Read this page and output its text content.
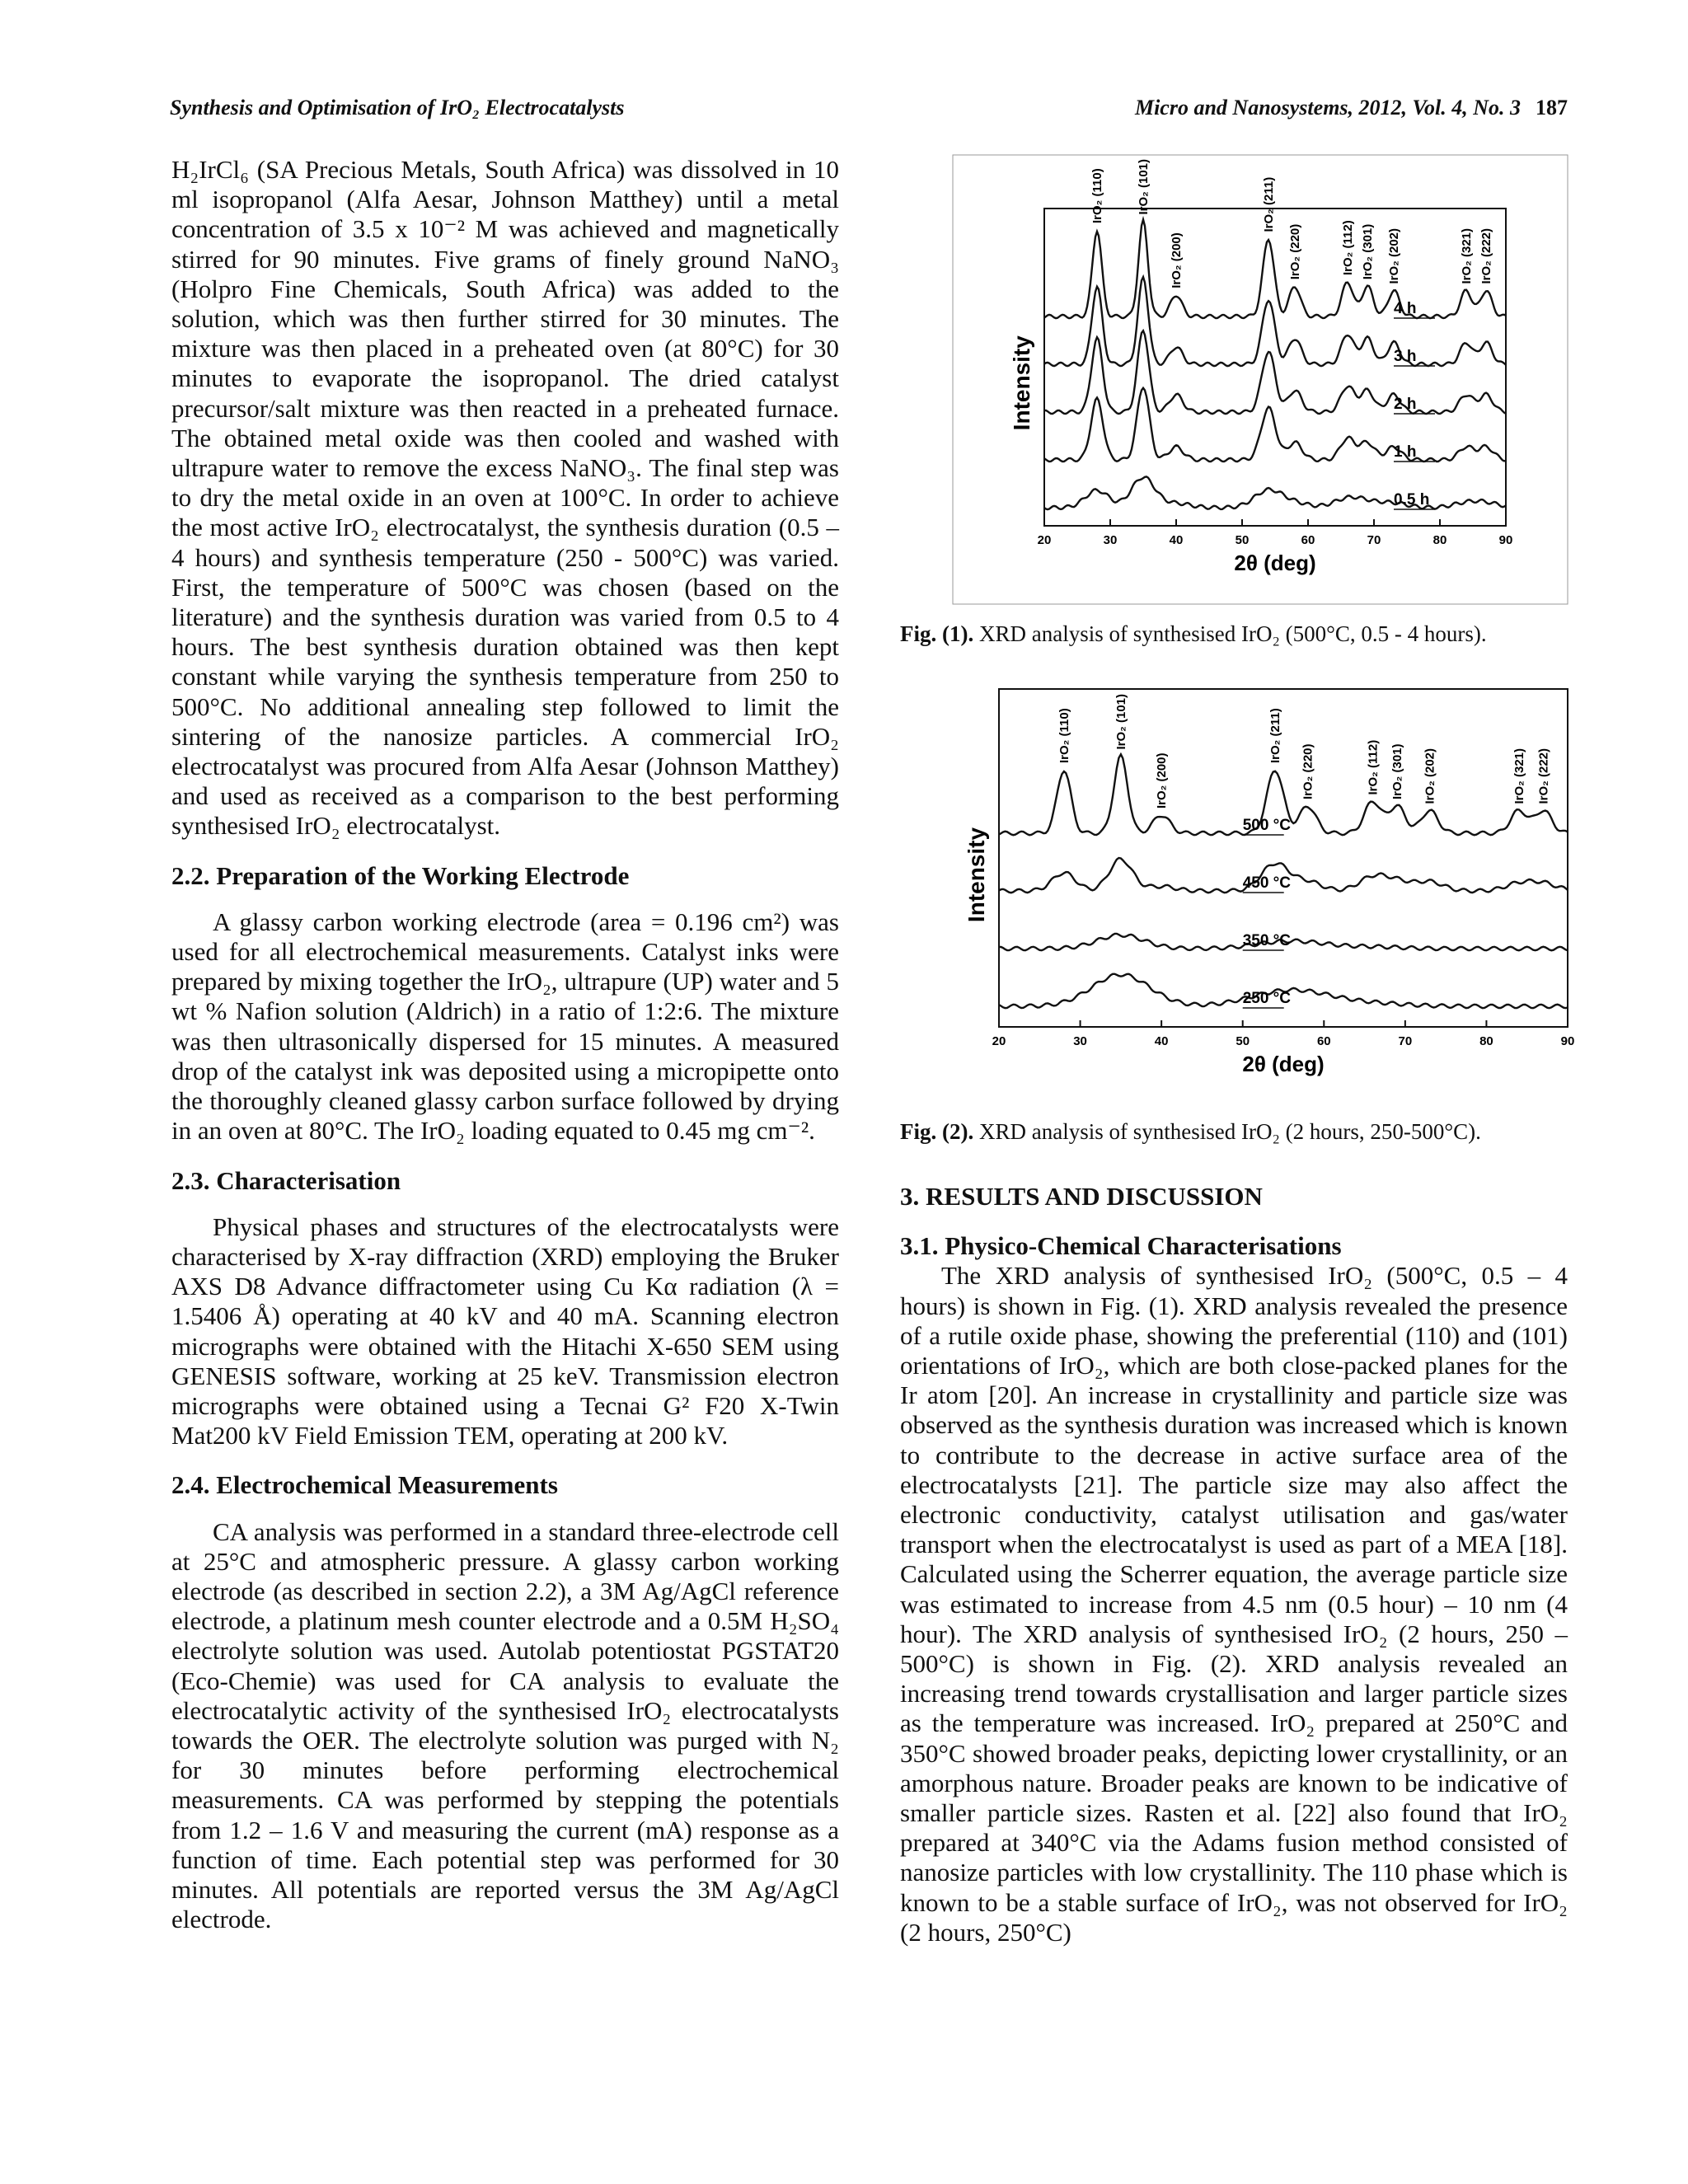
Synthesis and Optimisation of IrO₂ Electrocatalysts	Micro and Nanosystems, 2012, Vol. 4, No. 3 187

H₂IrCl₆ (SA Precious Metals, South Africa) was dissolved in 10 ml isopropanol (Alfa Aesar, Johnson Matthey) until a metal concentration of 3.5 x 10⁻² M was achieved and magnetically stirred for 90 minutes. Five grams of finely ground NaNO₃ (Holpro Fine Chemicals, South Africa) was added to the solution, which was then further stirred for 30 minutes. The mixture was then placed in a preheated oven (at 80°C) for 30 minutes to evaporate the isopropanol. The dried catalyst precursor/salt mixture was then reacted in a preheated furnace. The obtained metal oxide was then cooled and washed with ultrapure water to remove the excess NaNO₃. The final step was to dry the metal oxide in an oven at 100°C. In order to achieve the most active IrO₂ electrocatalyst, the synthesis duration (0.5 – 4 hours) and synthesis temperature (250 - 500°C) was varied. First, the temperature of 500°C was chosen (based on the literature) and the synthesis duration was varied from 0.5 to 4 hours. The best synthesis duration obtained was then kept constant while varying the synthesis temperature from 250 to 500°C. No additional annealing step followed to limit the sintering of the nanosize particles. A commercial IrO₂ electrocatalyst was procured from Alfa Aesar (Johnson Matthey) and used as received as a comparison to the best performing synthesised IrO₂ electrocatalyst.

2.2. Preparation of the Working Electrode

A glassy carbon working electrode (area = 0.196 cm²) was used for all electrochemical measurements. Catalyst inks were prepared by mixing together the IrO₂, ultrapure (UP) water and 5 wt % Nafion solution (Aldrich) in a ratio of 1:2:6. The mixture was then ultrasonically dispersed for 15 minutes. A measured drop of the catalyst ink was deposited using a micropipette onto the thoroughly cleaned glassy carbon surface followed by drying in an oven at 80°C. The IrO₂ loading equated to 0.45 mg cm⁻².

2.3. Characterisation

Physical phases and structures of the electrocatalysts were characterised by X-ray diffraction (XRD) employing the Bruker AXS D8 Advance diffractometer using Cu Kα radiation (λ = 1.5406 Å) operating at 40 kV and 40 mA. Scanning electron micrographs were obtained with the Hitachi X-650 SEM using GENESIS software, working at 25 keV. Transmission electron micrographs were obtained using a Tecnai G² F20 X-Twin Mat200 kV Field Emission TEM, operating at 200 kV.

2.4. Electrochemical Measurements

CA analysis was performed in a standard three-electrode cell at 25°C and atmospheric pressure. A glassy carbon working electrode (as described in section 2.2), a 3M Ag/AgCl reference electrode, a platinum mesh counter electrode and a 0.5M H₂SO₄ electrolyte solution was used. Autolab potentiostat PGSTAT20 (Eco-Chemie) was used for CA analysis to evaluate the electrocatalytic activity of the synthesised IrO₂ electrocatalysts towards the OER. The electrolyte solution was purged with N₂ for 30 minutes before performing electrochemical measurements. CA was performed by stepping the potentials from 1.2 – 1.6 V and measuring the current (mA) response as a function of time. Each potential step was performed for 30 minutes. All potentials are reported versus the 3M Ag/AgCl electrode.

20	30	40	50	60	70	80	90
2θ (deg)
Intensity
4 h
3 h
2 h
1 h
0.5 h
IrO₂ (110)	IrO₂ (101)
IrO₂ (200)
IrO₂ (211)
IrO₂ (220)	IrO₂ (112) IrO₂ (301) IrO₂ (202)	IrO₂ (321) IrO₂ (222)

Fig. (1). XRD analysis of synthesised IrO₂ (500°C, 0.5 - 4 hours).

20	30	40	50	60	70	80	90
2θ (deg)
Intensity
500 °C
450 °C
350 °C
250 °C
IrO₂ (110)	IrO₂ (101)
IrO₂ (200)
IrO₂ (211)
IrO₂ (220)	IrO₂ (112) IrO₂ (301) IrO₂ (202)	IrO₂ (321) IrO₂ (222)

Fig. (2). XRD analysis of synthesised IrO₂ (2 hours, 250-500°C).

3. RESULTS AND DISCUSSION

3.1. Physico-Chemical Characterisations

The XRD analysis of synthesised IrO₂ (500°C, 0.5 – 4 hours) is shown in Fig. (1). XRD analysis revealed the presence of a rutile oxide phase, showing the preferential (110) and (101) orientations of IrO₂, which are both close-packed planes for the Ir atom [20]. An increase in crystallinity and particle size was observed as the synthesis duration was increased which is known to contribute to the decrease in active surface area of the electrocatalysts [21]. The particle size may also affect the electronic conductivity, catalyst utilisation and gas/water transport when the electrocatalyst is used as part of a MEA [18]. Calculated using the Scherrer equation, the average particle size was estimated to increase from 4.5 nm (0.5 hour) – 10 nm (4 hour). The XRD analysis of synthesised IrO₂ (2 hours, 250 – 500°C) is shown in Fig. (2). XRD analysis revealed an increasing trend towards crystallisation and larger particle sizes as the temperature was increased. IrO₂ prepared at 250°C and 350°C showed broader peaks, depicting lower crystallinity, or an amorphous nature. Broader peaks are known to be indicative of smaller particle sizes. Rasten et al. [22] also found that IrO₂ prepared at 340°C via the Adams fusion method consisted of nanosize particles with low crystallinity. The 110 phase which is known to be a stable surface of IrO₂, was not observed for IrO₂ (2 hours, 250°C)
